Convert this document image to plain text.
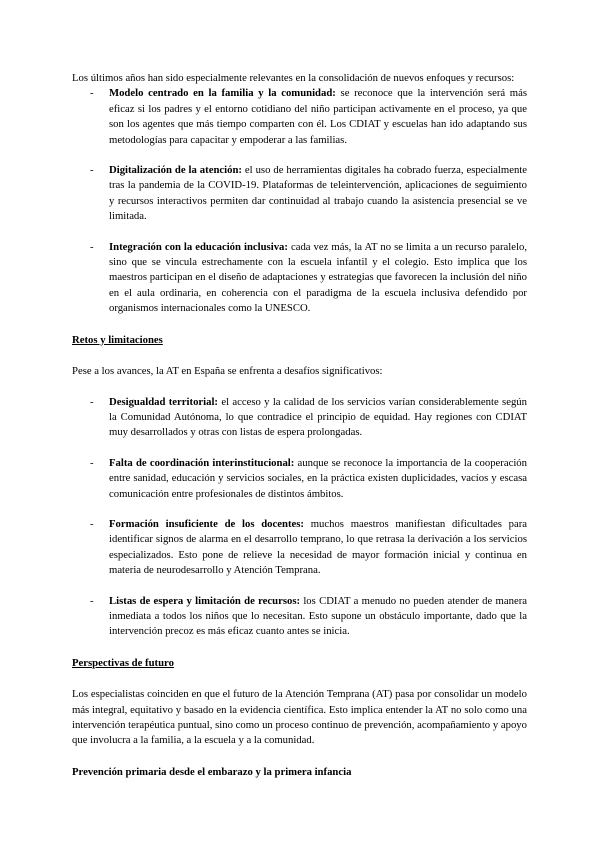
Los últimos años han sido especialmente relevantes en la consolidación de nuevos enfoques y recursos:

- Modelo centrado en la familia y la comunidad: se reconoce que la intervención será más eficaz si los padres y el entorno cotidiano del niño participan activamente en el proceso, ya que son los agentes que más tiempo comparten con él. Los CDIAT y escuelas han ido adaptando sus metodologías para capacitar y empoderar a las familias.
- Digitalización de la atención: el uso de herramientas digitales ha cobrado fuerza, especialmente tras la pandemia de la COVID-19. Plataformas de teleintervención, aplicaciones de seguimiento y recursos interactivos permiten dar continuidad al trabajo cuando la asistencia presencial se ve limitada.
- Integración con la educación inclusiva: cada vez más, la AT no se limita a un recurso paralelo, sino que se vincula estrechamente con la escuela infantil y el colegio. Esto implica que los maestros participan en el diseño de adaptaciones y estrategias que favorecen la inclusión del niño en el aula ordinaria, en coherencia con el paradigma de la escuela inclusiva defendido por organismos internacionales como la UNESCO.

Retos y limitaciones

Pese a los avances, la AT en España se enfrenta a desafíos significativos:

- Desigualdad territorial: el acceso y la calidad de los servicios varían considerablemente según la Comunidad Autónoma, lo que contradice el principio de equidad. Hay regiones con CDIAT muy desarrollados y otras con listas de espera prolongadas.
- Falta de coordinación interinstitucional: aunque se reconoce la importancia de la cooperación entre sanidad, educación y servicios sociales, en la práctica existen duplicidades, vacíos y escasa comunicación entre profesionales de distintos ámbitos.
- Formación insuficiente de los docentes: muchos maestros manifiestan dificultades para identificar signos de alarma en el desarrollo temprano, lo que retrasa la derivación a los servicios especializados. Esto pone de relieve la necesidad de mayor formación inicial y continua en materia de neurodesarrollo y Atención Temprana.
- Listas de espera y limitación de recursos: los CDIAT a menudo no pueden atender de manera inmediata a todos los niños que lo necesitan. Esto supone un obstáculo importante, dado que la intervención precoz es más eficaz cuanto antes se inicia.

Perspectivas de futuro

Los especialistas coinciden en que el futuro de la Atención Temprana (AT) pasa por consolidar un modelo más integral, equitativo y basado en la evidencia científica. Esto implica entender la AT no solo como una intervención terapéutica puntual, sino como un proceso continuo de prevención, acompañamiento y apoyo que involucra a la familia, a la escuela y a la comunidad.

Prevención primaria desde el embarazo y la primera infancia
